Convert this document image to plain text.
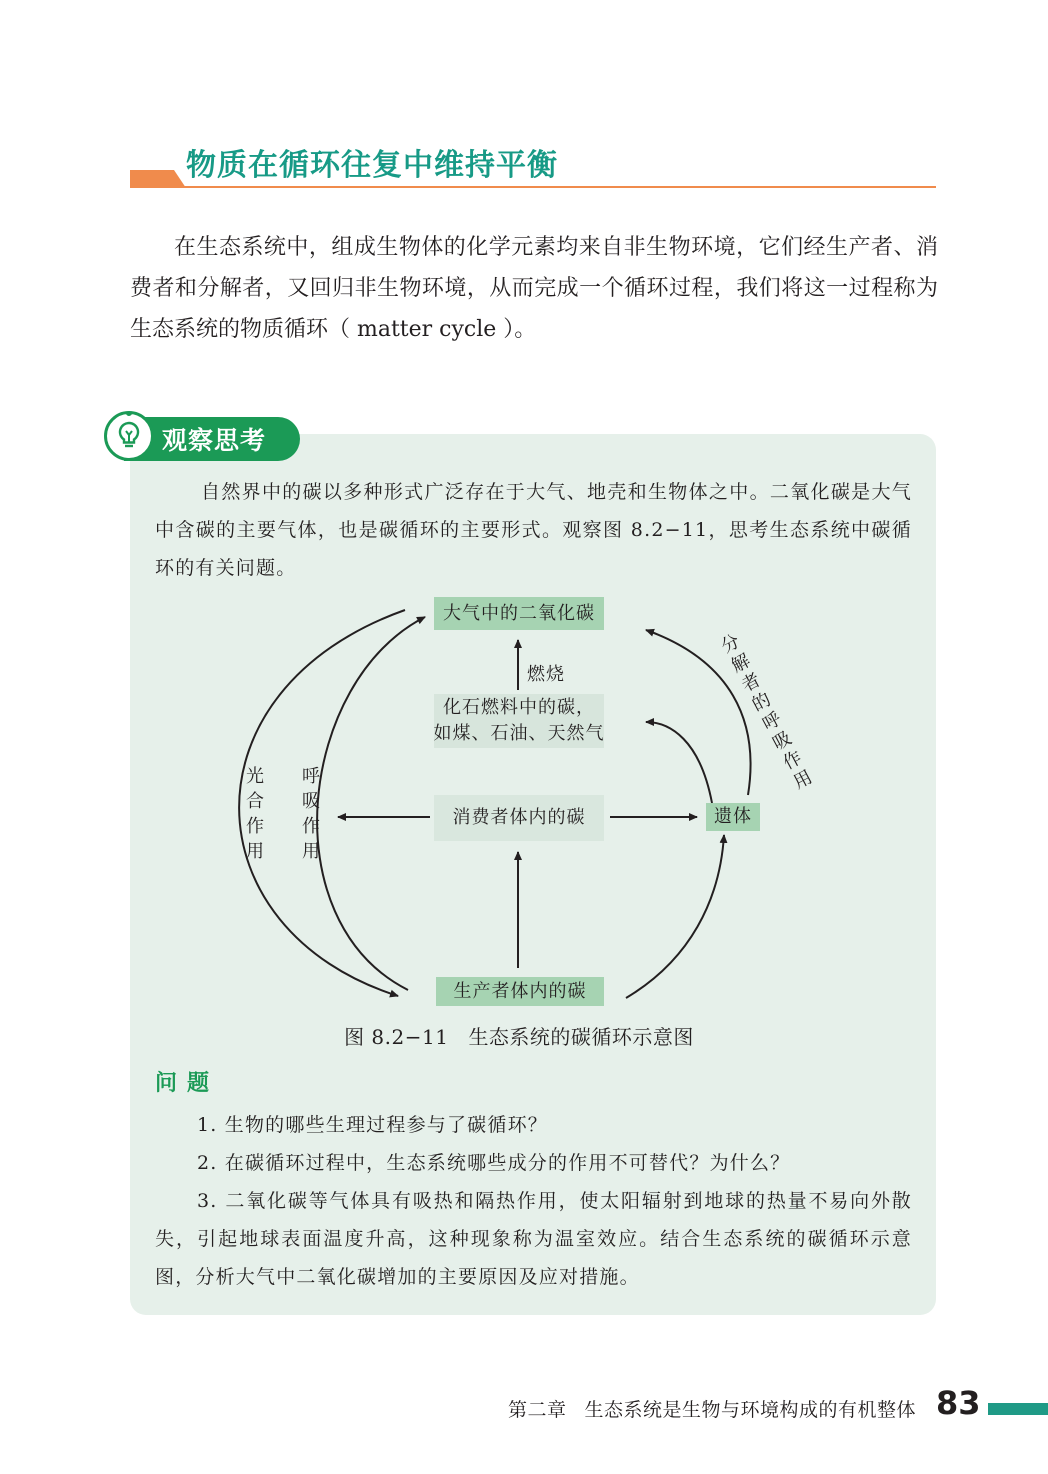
物质在循环往复中维持平衡

在生态系统中，组成生物体的化学元素均来自非生物环境，它们经生产者、消费者和分解者，又回归非生物环境，从而完成一个循环过程，我们将这一过程称为生态系统的物质循环（ matter cycle ）。

观察思考

自然界中的碳以多种形式广泛存在于大气、地壳和生物体之中。二氧化碳是大气中含碳的主要气体，也是碳循环的主要形式。观察图 8.2−11，思考生态系统中碳循环的有关问题。

大气中的二氧化碳
燃烧
化石燃料中的碳，
如煤、石油、天然气
消费者体内的碳	遗体
生产者体内的碳
光合作用
呼吸作用
分解者的呼吸作用

图 8.2−11 生态系统的碳循环示意图

问题
1. 生物的哪些生理过程参与了碳循环？
2. 在碳循环过程中，生态系统哪些成分的作用不可替代？为什么？
3. 二氧化碳等气体具有吸热和隔热作用，使太阳辐射到地球的热量不易向外散失，引起地球表面温度升高，这种现象称为温室效应。结合生态系统的碳循环示意图，分析大气中二氧化碳增加的主要原因及应对措施。

第二章 生态系统是生物与环境构成的有机整体 83
